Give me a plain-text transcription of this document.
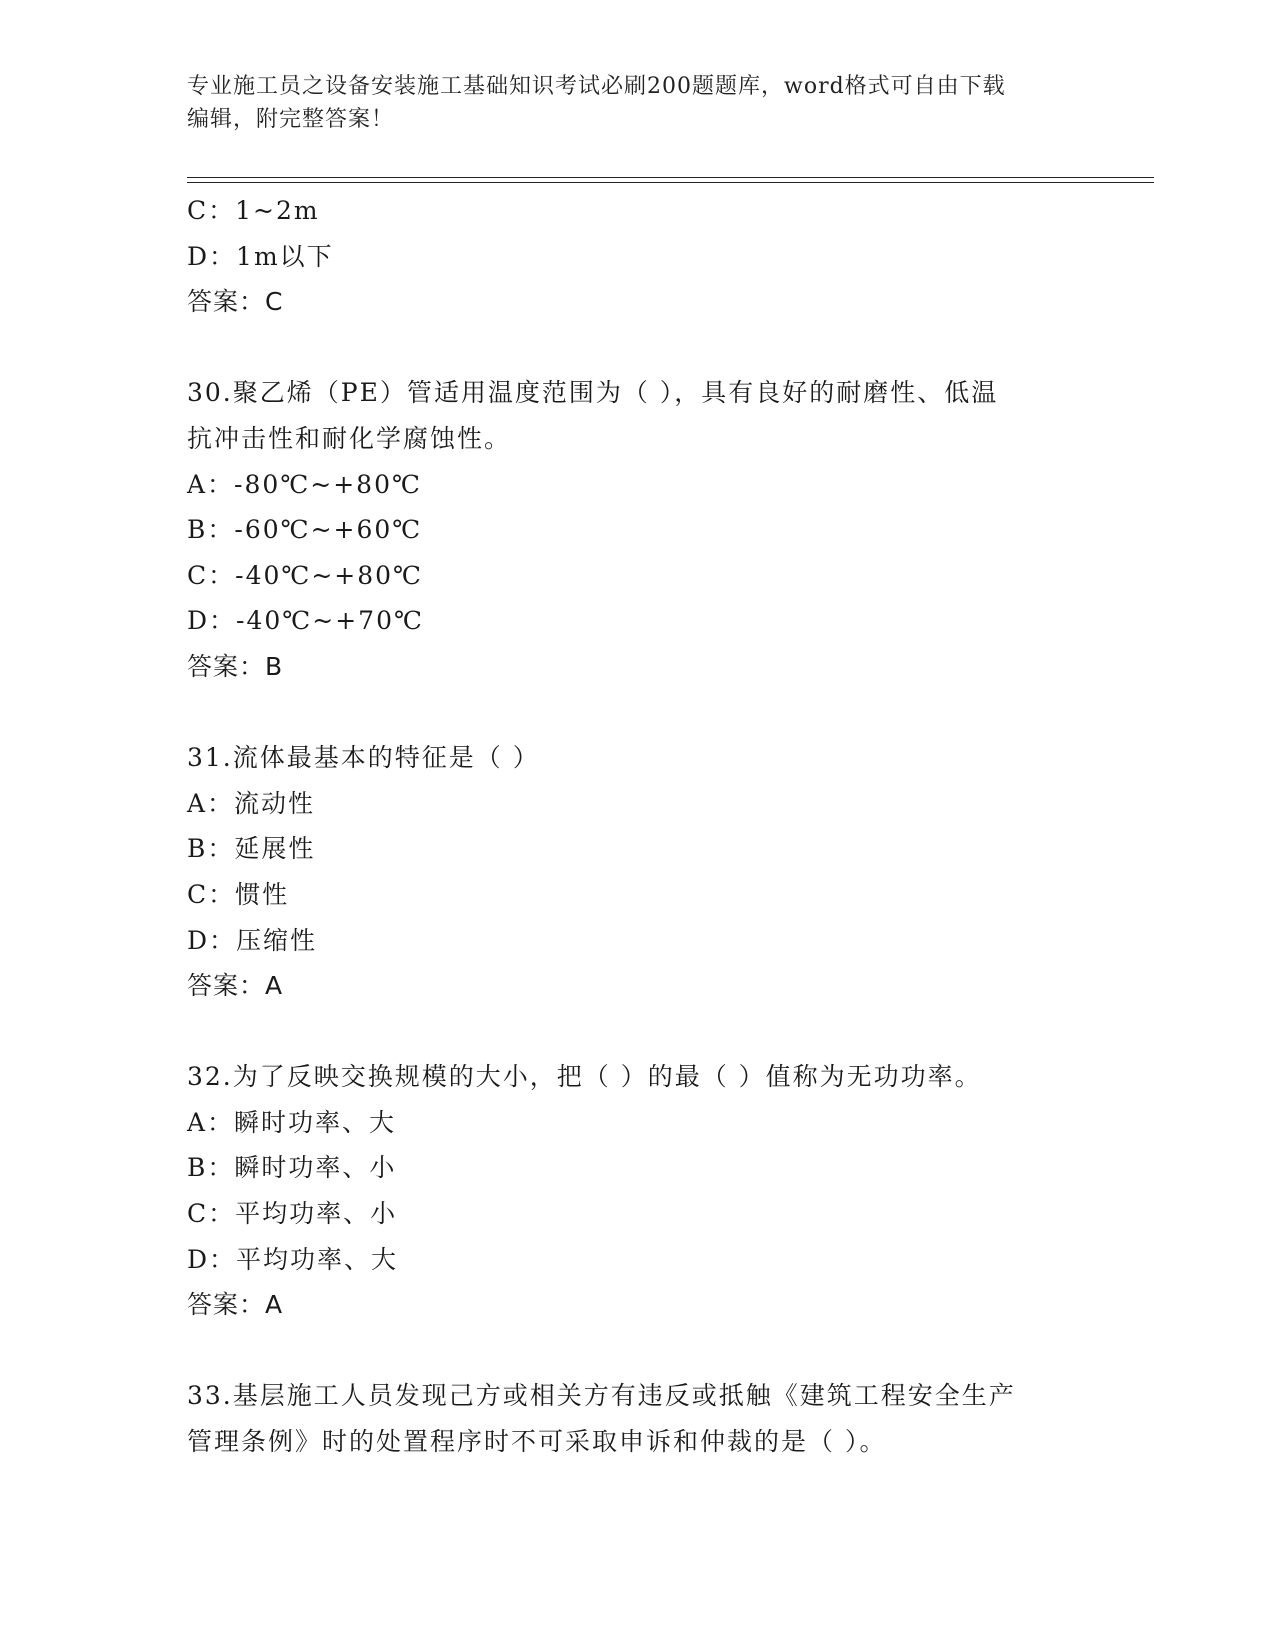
专业施工员之设备安装施工基础知识考试必刷200题题库，word格式可自由下载
编辑，附完整答案！
C：1~2m
D：1m以下
答案：C
30.聚乙烯（PE）管适用温度范围为（ ），具有良好的耐磨性、低温
抗冲击性和耐化学腐蚀性。
A：-80℃~+80℃
B：-60℃~+60℃
C：-40℃~+80℃
D：-40℃~+70℃
答案：B
31.流体最基本的特征是（ ）
A：流动性
B：延展性
C：惯性
D：压缩性
答案：A
32.为了反映交换规模的大小，把（ ）的最（ ）值称为无功功率。
A：瞬时功率、大
B：瞬时功率、小
C：平均功率、小
D：平均功率、大
答案：A
33.基层施工人员发现己方或相关方有违反或抵触《建筑工程安全生产
管理条例》时的处置程序时不可采取申诉和仲裁的是（ ）。
